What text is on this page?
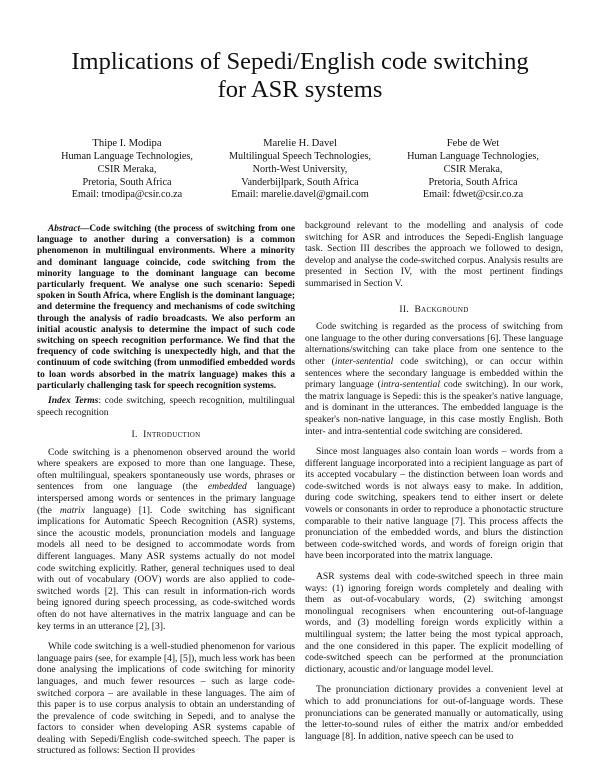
Implications of Sepedi/English code switching
for ASR systems
Thipe I. Modipa
Human Language Technologies,
CSIR Meraka,
Pretoria, South Africa
Email: tmodipa@csir.co.za
Marelie H. Davel
Multilingual Speech Technologies,
North-West University,
Vanderbijlpark, South Africa
Email: marelie.davel@gmail.com
Febe de Wet
Human Language Technologies,
CSIR Meraka,
Pretoria, South Africa
Email: fdwet@csir.co.za

Abstract—Code switching (the process of switching from one language to another during a conversation) is a common phenomenon in multilingual environments. Where a minority and dominant language coincide, code switching from the minority language to the dominant language can become particularly frequent. We analyse one such scenario: Sepedi spoken in South Africa, where English is the dominant language; and determine the frequency and mechanisms of code switching through the analysis of radio broadcasts. We also perform an initial acoustic analysis to determine the impact of such code switching on speech recognition performance. We find that the frequency of code switching is unexpectedly high, and that the continuum of code switching (from unmodified embedded words to loan words absorbed in the matrix language) makes this a particularly challenging task for speech recognition systems.

Index Terms: code switching, speech recognition, multilingual speech recognition

I. Introduction

Code switching is a phenomenon observed around the world where speakers are exposed to more than one language. These, often multilingual, speakers spontaneously use words, phrases or sentences from one language (the embedded language) interspersed among words or sentences in the primary language (the matrix language) [1]. Code switching has significant implications for Automatic Speech Recognition (ASR) systems, since the acoustic models, pronunciation models and language models all need to be designed to accommodate words from different languages. Many ASR systems actually do not model code switching explicitly. Rather, general techniques used to deal with out of vocabulary (OOV) words are also applied to code-switched words [2]. This can result in information-rich words being ignored during speech processing, as code-switched words often do not have alternatives in the matrix language and can be key terms in an utterance [2], [3].

While code switching is a well-studied phenomenon for various language pairs (see, for example [4], [5]), much less work has been done analysing the implications of code switching for minority languages, and much fewer resources – such as large code-switched corpora – are available in these languages. The aim of this paper is to use corpus analysis to obtain an understanding of the prevalence of code switching in Sepedi, and to analyse the factors to consider when developing ASR systems capable of dealing with Sepedi/English code-switched speech. The paper is structured as follows: Section II provides

background relevant to the modelling and analysis of code switching for ASR and introduces the Sepedi-English language task. Section III describes the approach we followed to design, develop and analyse the code-switched corpus. Analysis results are presented in Section IV, with the most pertinent findings summarised in Section V.

II. Background

Code switching is regarded as the process of switching from one language to the other during conversations [6]. These language alternations/switching can take place from one sentence to the other (inter-sentential code switching), or can occur within sentences where the secondary language is embedded within the primary language (intra-sentential code switching). In our work, the matrix language is Sepedi: this is the speaker's native language, and is dominant in the utterances. The embedded language is the speaker's non-native language, in this case mostly English. Both inter- and intra-sentential code switching are considered.

Since most languages also contain loan words – words from a different language incorporated into a recipient language as part of its accepted vocabulary – the distinction between loan words and code-switched words is not always easy to make. In addition, during code switching, speakers tend to either insert or delete vowels or consonants in order to reproduce a phonotactic structure comparable to their native language [7]. This process affects the pronunciation of the embedded words, and blurs the distinction between code-switched words, and words of foreign origin that have been incorporated into the matrix language.

ASR systems deal with code-switched speech in three main ways: (1) ignoring foreign words completely and dealing with them as out-of-vocabulary words, (2) switching amongst monolingual recognisers when encountering out-of-language words, and (3) modelling foreign words explicitly within a multilingual system; the latter being the most typical approach, and the one considered in this paper. The explicit modelling of code-switched speech can be performed at the pronunciation dictionary, acoustic and/or language model level.

The pronunciation dictionary provides a convenient level at which to add pronunciations for out-of-language words. These pronunciations can be generated manually or automatically, using the letter-to-sound rules of either the matrix and/or embedded language [8]. In addition, native speech can be used to
